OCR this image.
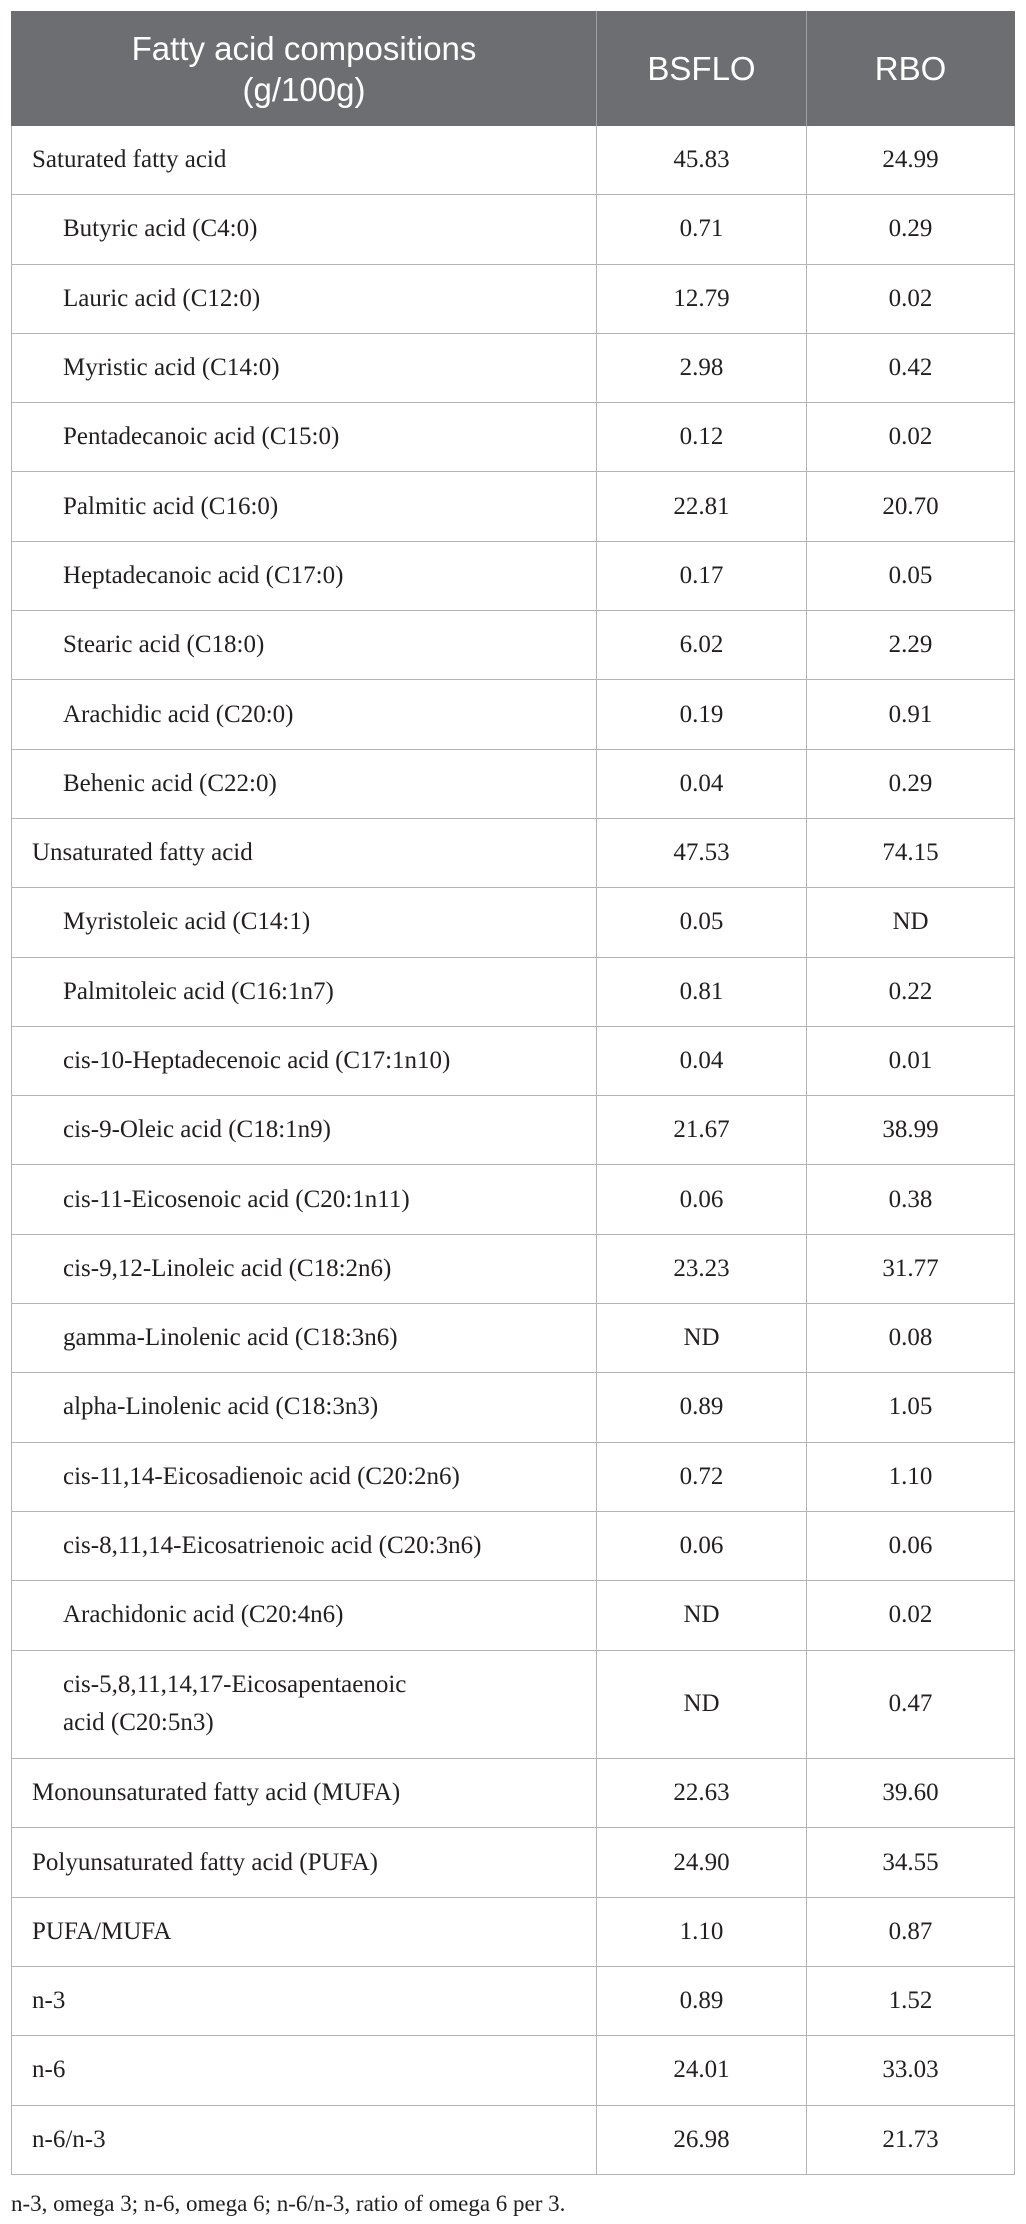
Fatty acid compositions
(g/100g)
BSFLO	RBO
Saturated fatty acid	45.83	24.99
Butyric acid (C4:0)	0.71	0.29
Lauric acid (C12:0)	12.79	0.02
Myristic acid (C14:0)	2.98	0.42
Pentadecanoic acid (C15:0)	0.12	0.02
Palmitic acid (C16:0)	22.81	20.70
Heptadecanoic acid (C17:0)	0.17	0.05
Stearic acid (C18:0)	6.02	2.29
Arachidic acid (C20:0)	0.19	0.91
Behenic acid (C22:0)	0.04	0.29
Unsaturated fatty acid	47.53	74.15
Myristoleic acid (C14:1)	0.05	ND
Palmitoleic acid (C16:1n7)	0.81	0.22
cis-10-Heptadecenoic acid (C17:1n10)	0.04	0.01
cis-9-Oleic acid (C18:1n9)	21.67	38.99
cis-11-Eicosenoic acid (C20:1n11)	0.06	0.38
cis-9,12-Linoleic acid (C18:2n6)	23.23	31.77
gamma-Linolenic acid (C18:3n6)	ND	0.08
alpha-Linolenic acid (C18:3n3)	0.89	1.05
cis-11,14-Eicosadienoic acid (C20:2n6)	0.72	1.10
cis-8,11,14-Eicosatrienoic acid (C20:3n6)	0.06	0.06
Arachidonic acid (C20:4n6)	ND	0.02
cis-5,8,11,14,17-Eicosapentaenoic
acid (C20:5n3)
ND	0.47
Monounsaturated fatty acid (MUFA)	22.63	39.60
Polyunsaturated fatty acid (PUFA)	24.90	34.55
PUFA/MUFA	1.10	0.87
n-3	0.89	1.52
n-6	24.01	33.03
n-6/n-3	26.98	21.73
n-3, omega 3; n-6, omega 6; n-6/n-3, ratio of omega 6 per 3.
